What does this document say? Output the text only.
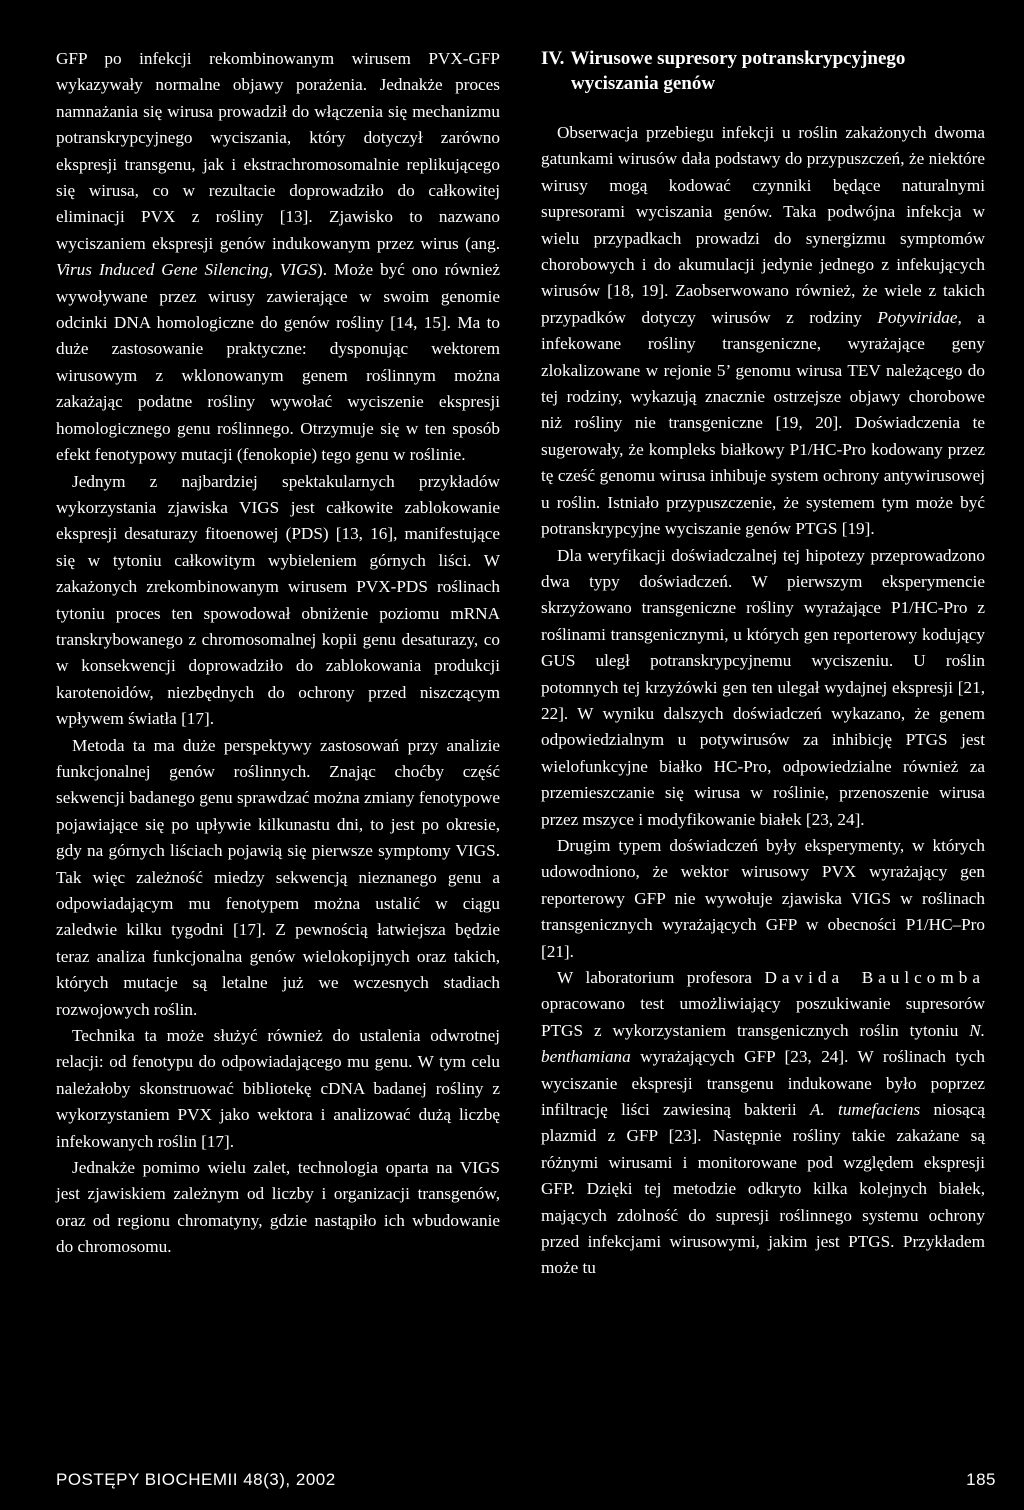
GFP po infekcji rekombinowanym wirusem PVX-GFP wykazywały normalne objawy porażenia. Jednakże proces namnażania się wirusa prowadził do włączenia się mechanizmu potranskrypcyjnego wyciszania, który dotyczył zarówno ekspresji transgenu, jak i ekstrachromosomalnie replikującego się wirusa, co w rezultacie doprowadziło do całkowitej eliminacji PVX z rośliny [13]. Zjawisko to nazwano wyciszaniem ekspresji genów indukowanym przez wirus (ang. Virus Induced Gene Silencing, VIGS). Może być ono również wywoływane przez wirusy zawierające w swoim genomie odcinki DNA homologiczne do genów rośliny [14, 15]. Ma to duże zastosowanie praktyczne: dysponując wektorem wirusowym z wklonowanym genem roślinnym można zakażając podatne rośliny wywołać wyciszenie ekspresji homologicznego genu roślinnego. Otrzymuje się w ten sposób efekt fenotypowy mutacji (fenokopie) tego genu w roślinie.

Jednym z najbardziej spektakularnych przykładów wykorzystania zjawiska VIGS jest całkowite zablokowanie ekspresji desaturazy fitoenowej (PDS) [13, 16], manifestujące się w tytoniu całkowitym wybieleniem górnych liści. W zakażonych zrekombinowanym wirusem PVX-PDS roślinach tytoniu proces ten spowodował obniżenie poziomu mRNA transkrybowanego z chromosomalnej kopii genu desaturazy, co w konsekwencji doprowadziło do zablokowania produkcji karotenoidów, niezbędnych do ochrony przed niszczącym wpływem światła [17].

Metoda ta ma duże perspektywy zastosowań przy analizie funkcjonalnej genów roślinnych. Znając choćby część sekwencji badanego genu sprawdzać można zmiany fenotypowe pojawiające się po upływie kilkunastu dni, to jest po okresie, gdy na górnych liściach pojawią się pierwsze symptomy VIGS. Tak więc zależność miedzy sekwencją nieznanego genu a odpowiadającym mu fenotypem można ustalić w ciągu zaledwie kilku tygodni [17]. Z pewnością łatwiejsza będzie teraz analiza funkcjonalna genów wielokopijnych oraz takich, których mutacje są letalne już we wczesnych stadiach rozwojowych roślin.

Technika ta może służyć również do ustalenia odwrotnej relacji: od fenotypu do odpowiadającego mu genu. W tym celu należałoby skonstruować bibliotekę cDNA badanej rośliny z wykorzystaniem PVX jako wektora i analizować dużą liczbę infekowanych roślin [17].

Jednakże pomimo wielu zalet, technologia oparta na VIGS jest zjawiskiem zależnym od liczby i organizacji transgenów, oraz od regionu chromatyny, gdzie nastąpiło ich wbudowanie do chromosomu.

IV. Wirusowe supresory potranskrypcyjnego
wyciszania genów

Obserwacja przebiegu infekcji u roślin zakażonych dwoma gatunkami wirusów dała podstawy do przypuszczeń, że niektóre wirusy mogą kodować czynniki będące naturalnymi supresorami wyciszania genów. Taka podwójna infekcja w wielu przypadkach prowadzi do synergizmu symptomów chorobowych i do akumulacji jedynie jednego z infekujących wirusów [18, 19]. Zaobserwowano również, że wiele z takich przypadków dotyczy wirusów z rodziny Potyviridae, a infekowane rośliny transgeniczne, wyrażające geny zlokalizowane w rejonie 5’ genomu wirusa TEV należącego do tej rodziny, wykazują znacznie ostrzejsze objawy chorobowe niż rośliny nie transgeniczne [19, 20]. Doświadczenia te sugerowały, że kompleks białkowy P1/HC-Pro kodowany przez tę cześć genomu wirusa inhibuje system ochrony antywirusowej u roślin. Istniało przypuszczenie, że systemem tym może być potranskrypcyjne wyciszanie genów PTGS [19].

Dla weryfikacji doświadczalnej tej hipotezy przeprowadzono dwa typy doświadczeń. W pierwszym eksperymencie skrzyżowano transgeniczne rośliny wyrażające P1/HC-Pro z roślinami transgenicznymi, u których gen reporterowy kodujący GUS uległ potranskrypcyjnemu wyciszeniu. U roślin potomnych tej krzyżówki gen ten ulegał wydajnej ekspresji [21, 22]. W wyniku dalszych doświadczeń wykazano, że genem odpowiedzialnym u potywirusów za inhibicję PTGS jest wielofunkcyjne białko HC-Pro, odpowiedzialne również za przemieszczanie się wirusa w roślinie, przenoszenie wirusa przez mszyce i modyfikowanie białek [23, 24].

Drugim typem doświadczeń były eksperymenty, w których udowodniono, że wektor wirusowy PVX wyrażający gen reporterowy GFP nie wywołuje zjawiska VIGS w roślinach transgenicznych wyrażających GFP w obecności P1/HC–Pro [21].

W laboratorium profesora Davida Baulcomba opracowano test umożliwiający poszukiwanie supresorów PTGS z wykorzystaniem transgenicznych roślin tytoniu N. benthamiana wyrażających GFP [23, 24]. W roślinach tych wyciszanie ekspresji transgenu indukowane było poprzez infiltrację liści zawiesiną bakterii A. tumefaciens niosącą plazmid z GFP [23]. Następnie rośliny takie zakażane są różnymi wirusami i monitorowane pod względem ekspresji GFP. Dzięki tej metodzie odkryto kilka kolejnych białek, mających zdolność do supresji roślinnego systemu ochrony przed infekcjami wirusowymi, jakim jest PTGS. Przykładem może tu

POSTĘPY BIOCHEMII 48(3), 2002	185
